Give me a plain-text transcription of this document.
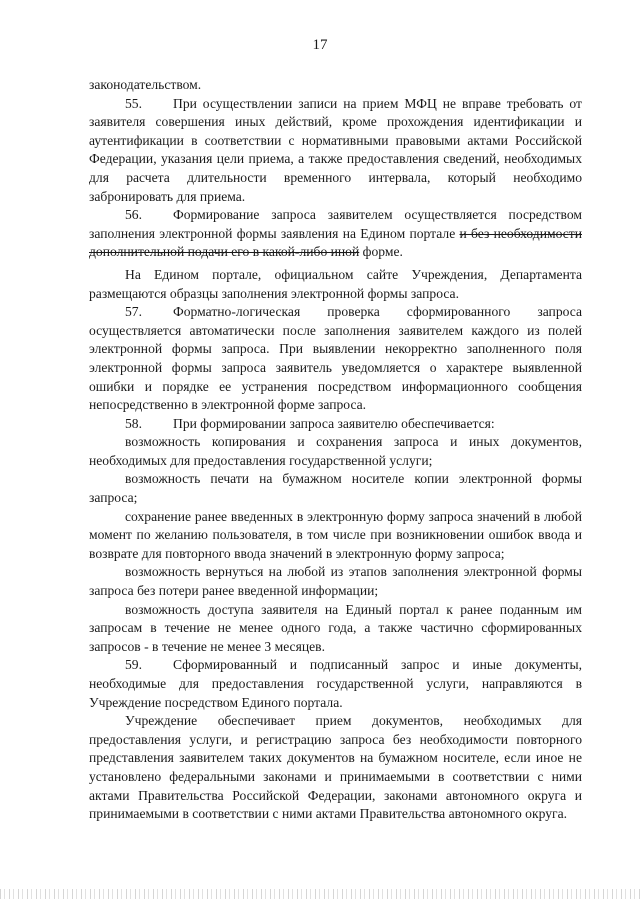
17

законодательством.

55. При осуществлении записи на прием МФЦ не вправе требовать от заявителя совершения иных действий, кроме прохождения идентификации и аутентификации в соответствии с нормативными правовыми актами Российской Федерации, указания цели приема, а также предоставления сведений, необходимых для расчета длительности временного интервала, который необходимо забронировать для приема.

56. Формирование запроса заявителем осуществляется посредством заполнения электронной формы заявления на Едином портале и без необходимости дополнительной подачи его в какой-либо иной форме.

На Едином портале, официальном сайте Учреждения, Департамента размещаются образцы заполнения электронной формы запроса.

57. Форматно-логическая проверка сформированного запроса осуществляется автоматически после заполнения заявителем каждого из полей электронной формы запроса. При выявлении некорректно заполненного поля электронной формы запроса заявитель уведомляется о характере выявленной ошибки и порядке ее устранения посредством информационного сообщения непосредственно в электронной форме запроса.

58. При формировании запроса заявителю обеспечивается:

возможность копирования и сохранения запроса и иных документов, необходимых для предоставления государственной услуги;

возможность печати на бумажном носителе копии электронной формы запроса;

сохранение ранее введенных в электронную форму запроса значений в любой момент по желанию пользователя, в том числе при возникновении ошибок ввода и возврате для повторного ввода значений в электронную форму запроса;

возможность вернуться на любой из этапов заполнения электронной формы запроса без потери ранее введенной информации;

возможность доступа заявителя на Единый портал к ранее поданным им запросам в течение не менее одного года, а также частично сформированных запросов - в течение не менее 3 месяцев.

59. Сформированный и подписанный запрос и иные документы, необходимые для предоставления государственной услуги, направляются в Учреждение посредством Единого портала.

Учреждение обеспечивает прием документов, необходимых для предоставления услуги, и регистрацию запроса без необходимости повторного представления заявителем таких документов на бумажном носителе, если иное не установлено федеральными законами и принимаемыми в соответствии с ними актами Правительства Российской Федерации, законами автономного округа и принимаемыми в соответствии с ними актами Правительства автономного округа.
